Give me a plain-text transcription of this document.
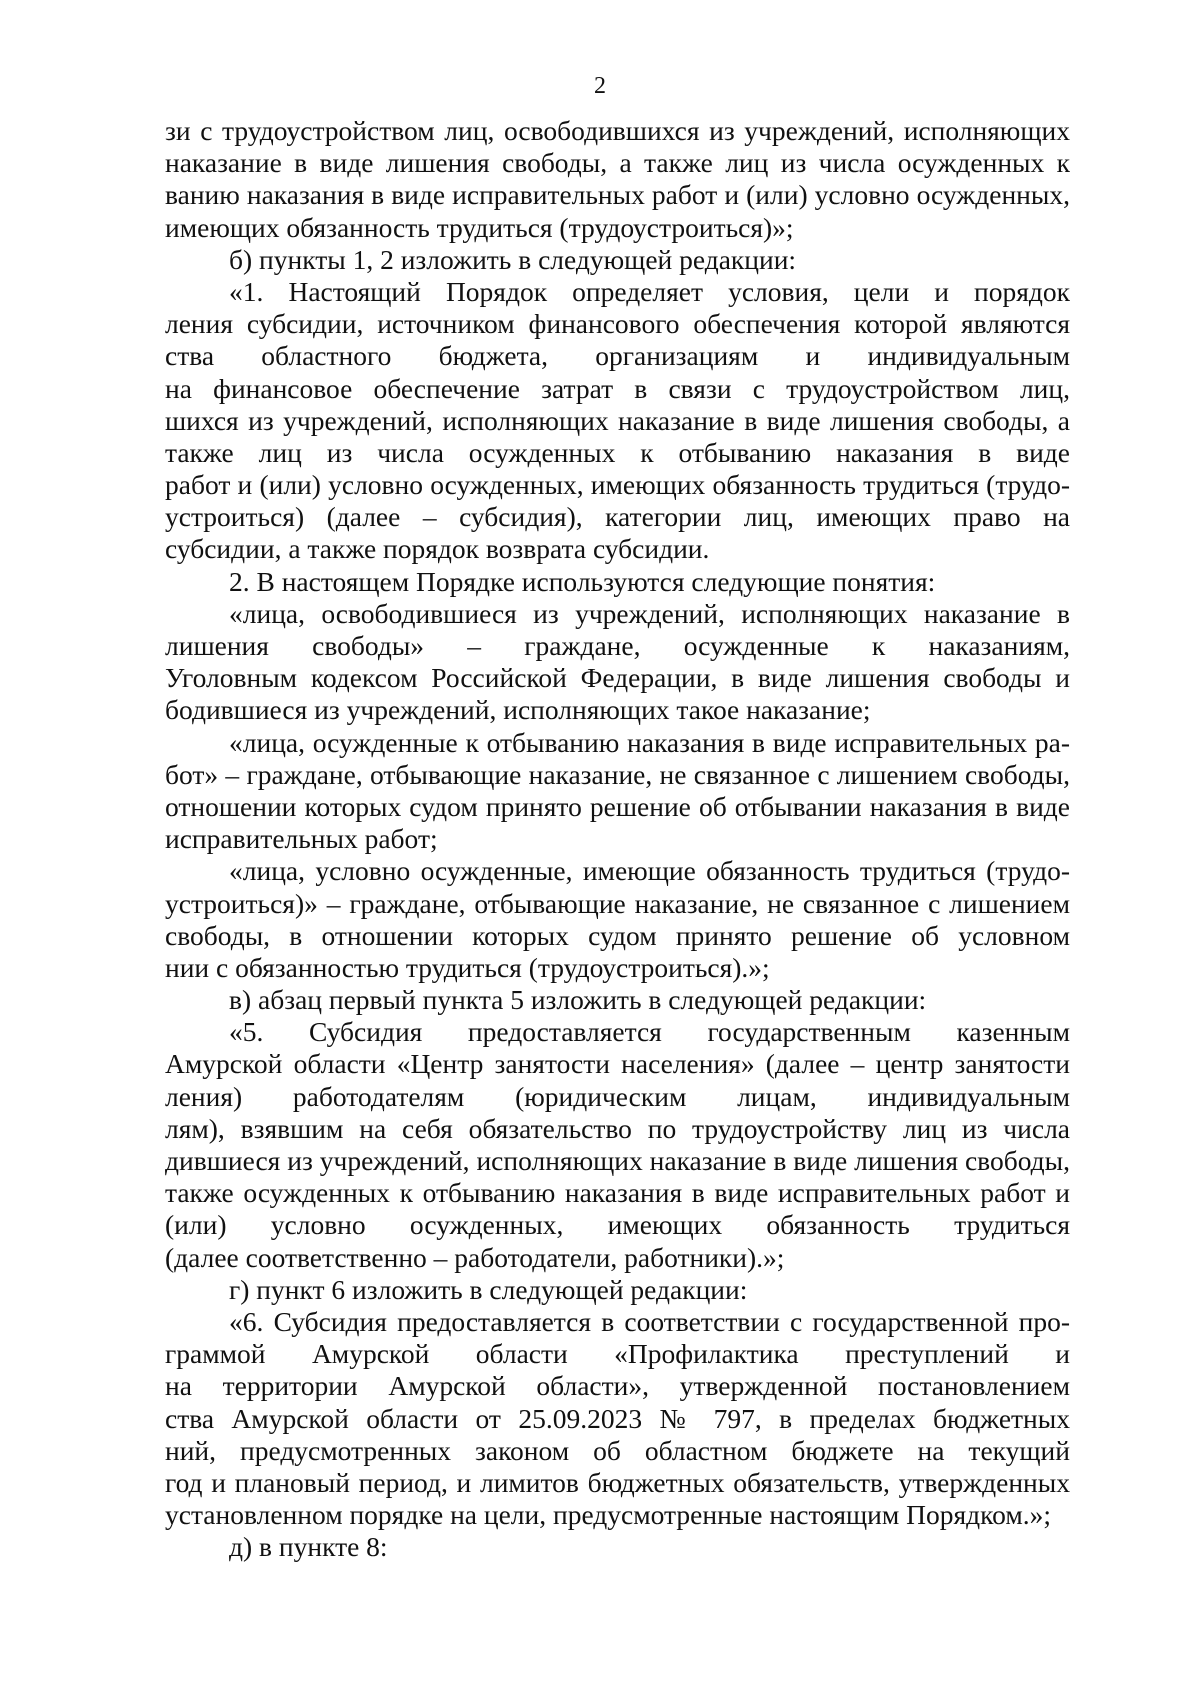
2
зи с трудоустройством лиц, освободившихся из учреждений, исполняющих
наказание в виде лишения свободы, а также лиц из числа осужденных к
ванию наказания в виде исправительных работ и (или) условно осужденных,
имеющих обязанность трудиться (трудоустроиться)»;
б) пункты 1, 2 изложить в следующей редакции:
«1. Настоящий Порядок определяет условия, цели и порядок
ления субсидии, источником финансового обеспечения которой являются
ства областного бюджета, организациям и индивидуальным
на финансовое обеспечение затрат в связи с трудоустройством лиц,
шихся из учреждений, исполняющих наказание в виде лишения свободы, а
также лиц из числа осужденных к отбыванию наказания в виде
работ и (или) условно осужденных, имеющих обязанность трудиться (трудо-
устроиться) (далее – субсидия), категории лиц, имеющих право на
субсидии, а также порядок возврата субсидии.
2. В настоящем Порядке используются следующие понятия:
«лица, освободившиеся из учреждений, исполняющих наказание в
лишения свободы» – граждане, осужденные к наказаниям,
Уголовным кодексом Российской Федерации, в виде лишения свободы и
бодившиеся из учреждений, исполняющих такое наказание;
«лица, осужденные к отбыванию наказания в виде исправительных ра-
бот» – граждане, отбывающие наказание, не связанное с лишением свободы,
отношении которых судом принято решение об отбывании наказания в виде
исправительных работ;
«лица, условно осужденные, имеющие обязанность трудиться (трудо-
устроиться)» – граждане, отбывающие наказание, не связанное с лишением
свободы, в отношении которых судом принято решение об условном
нии с обязанностью трудиться (трудоустроиться).»;
в) абзац первый пункта 5 изложить в следующей редакции:
«5. Субсидия предоставляется государственным казенным
Амурской области «Центр занятости населения» (далее – центр занятости
ления) работодателям (юридическим лицам, индивидуальным
лям), взявшим на себя обязательство по трудоустройству лиц из числа
дившиеся из учреждений, исполняющих наказание в виде лишения свободы,
также осужденных к отбыванию наказания в виде исправительных работ и
(или) условно осужденных, имеющих обязанность трудиться
(далее соответственно – работодатели, работники).»;
г) пункт 6 изложить в следующей редакции:
«6. Субсидия предоставляется в соответствии с государственной про-
граммой Амурской области «Профилактика преступлений и
на территории Амурской области», утвержденной постановлением
ства Амурской области от 25.09.2023 № 797, в пределах бюджетных
ний, предусмотренных законом об областном бюджете на текущий
год и плановый период, и лимитов бюджетных обязательств, утвержденных
установленном порядке на цели, предусмотренные настоящим Порядком.»;
д) в пункте 8:
